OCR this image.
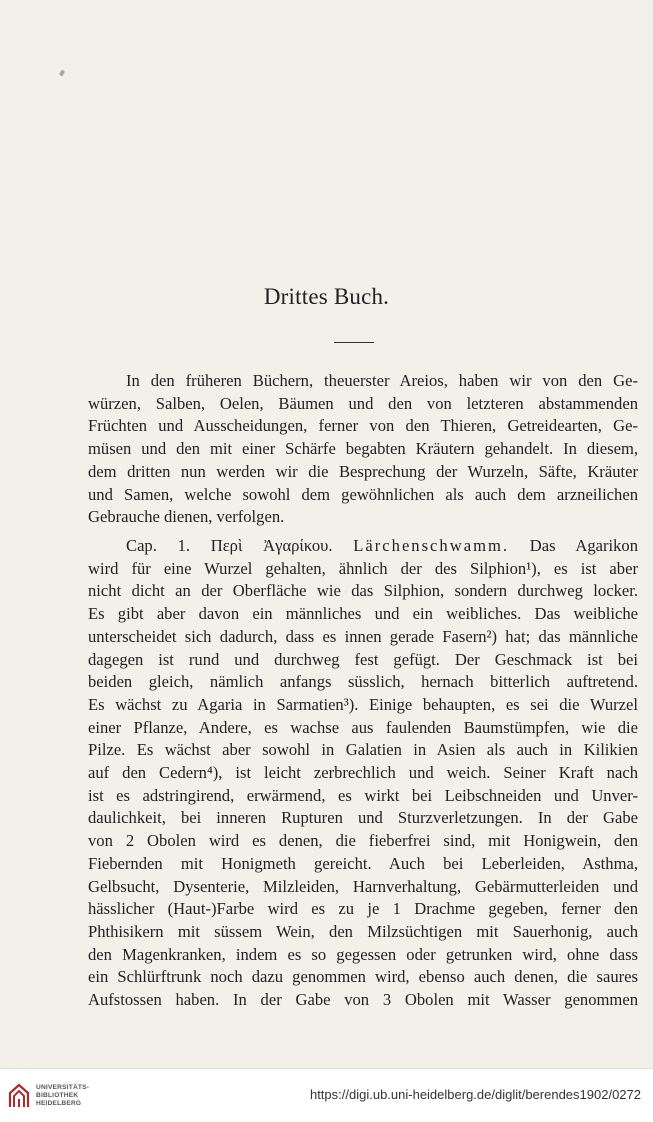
Drittes Buch.
In den früheren Büchern, theuerster Areios, haben wir von den Ge-
würzen, Salben, Oelen, Bäumen und den von letzteren abstammenden
Früchten und Ausscheidungen, ferner von den Thieren, Getreidearten, Ge-
müsen und den mit einer Schärfe begabten Kräutern gehandelt. In diesem,
dem dritten nun werden wir die Besprechung der Wurzeln, Säfte, Kräuter
und Samen, welche sowohl dem gewöhnlichen als auch dem arzneilichen
Gebrauche dienen, verfolgen.
Cap. 1. Περὶ Ἀγαρίκου. Lärchenschwamm. Das Agarikon
wird für eine Wurzel gehalten, ähnlich der des Silphion¹), es ist aber
nicht dicht an der Oberfläche wie das Silphion, sondern durchweg locker.
Es gibt aber davon ein männliches und ein weibliches. Das weibliche
unterscheidet sich dadurch, dass es innen gerade Fasern²) hat; das männliche
dagegen ist rund und durchweg fest gefügt. Der Geschmack ist bei
beiden gleich, nämlich anfangs süsslich, hernach bitterlich auftretend.
Es wächst zu Agaria in Sarmatien³). Einige behaupten, es sei die Wurzel
einer Pflanze, Andere, es wachse aus faulenden Baumstümpfen, wie die
Pilze. Es wächst aber sowohl in Galatien in Asien als auch in Kilikien
auf den Cedern⁴), ist leicht zerbrechlich und weich. Seiner Kraft nach
ist es adstringirend, erwärmend, es wirkt bei Leibschneiden und Unver-
daulichkeit, bei inneren Rupturen und Sturzverletzungen. In der Gabe
von 2 Obolen wird es denen, die fieberfrei sind, mit Honigwein, den
Fiebernden mit Honigmeth gereicht. Auch bei Leberleiden, Asthma,
Gelbsucht, Dysenterie, Milzleiden, Harnverhaltung, Gebärmutterleiden und
hässlicher (Haut-)Farbe wird es zu je 1 Drachme gegeben, ferner den
Phthisikern mit süssem Wein, den Milzsüchtigen mit Sauerhonig, auch
den Magenkranken, indem es so gegessen oder getrunken wird, ohne dass
ein Schlürftrunk noch dazu genommen wird, ebenso auch denen, die saures
Aufstossen haben. In der Gabe von 3 Obolen mit Wasser genommen
UNIVERSITÄTS-
BIBLIOTHEK
HEIDELBERG
https://digi.ub.uni-heidelberg.de/diglit/berendes1902/0272
